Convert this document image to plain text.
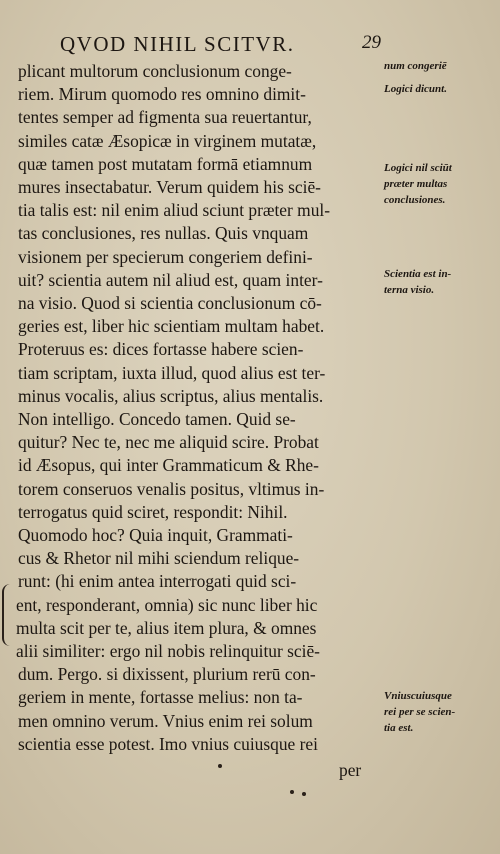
QVOD NIHIL SCITVR.	29
plicant multorum conclusionum conge-
riem. Mirum quomodo res omnino dimit-
tentes semper ad figmenta sua reuertantur,
similes catæ Æsopicæ in virginem mutatæ,
quæ tamen post mutatam formā etiamnum
mures insectabatur. Verum quidem his sciē-
tia talis est: nil enim aliud sciunt præter mul-
tas conclusiones, res nullas. Quis vnquam
visionem per specierum congeriem defini-
uit? scientia autem nil aliud est, quam inter-
na visio. Quod si scientia conclusionum cō-
geries est, liber hic scientiam multam habet.
Proteruus es: dices fortasse habere scien-
tiam scriptam, iuxta illud, quod alius est ter-
minus vocalis, alius scriptus, alius mentalis.
Non intelligo. Concedo tamen. Quid se-
quitur? Nec te, nec me aliquid scire. Probat
id Æsopus, qui inter Grammaticum & Rhe-
torem conseruos venalis positus, vltimus in-
terrogatus quid sciret, respondit: Nihil.
Quomodo hoc? Quia inquit, Grammati-
cus & Rhetor nil mihi sciendum relique-
runt: (hi enim antea interrogati quid sci-
ent, responderant, omnia) sic nunc liber hic
multa scit per te, alius item plura, & omnes
alii similiter: ergo nil nobis relinquitur sciē-
dum. Pergo. si dixissent, plurium rerū con-
geriem in mente, fortasse melius: non ta-
men omnino verum. Vnius enim rei solum
scientia esse potest. Imo vnius cuiusque rei
num congeriē
Logici dicunt.
Logici nil sciūt
præter multas
conclusiones.
Scientia est in-
terna visio.
Vniuscuiusque
rei per se scien-
tia est.
per
